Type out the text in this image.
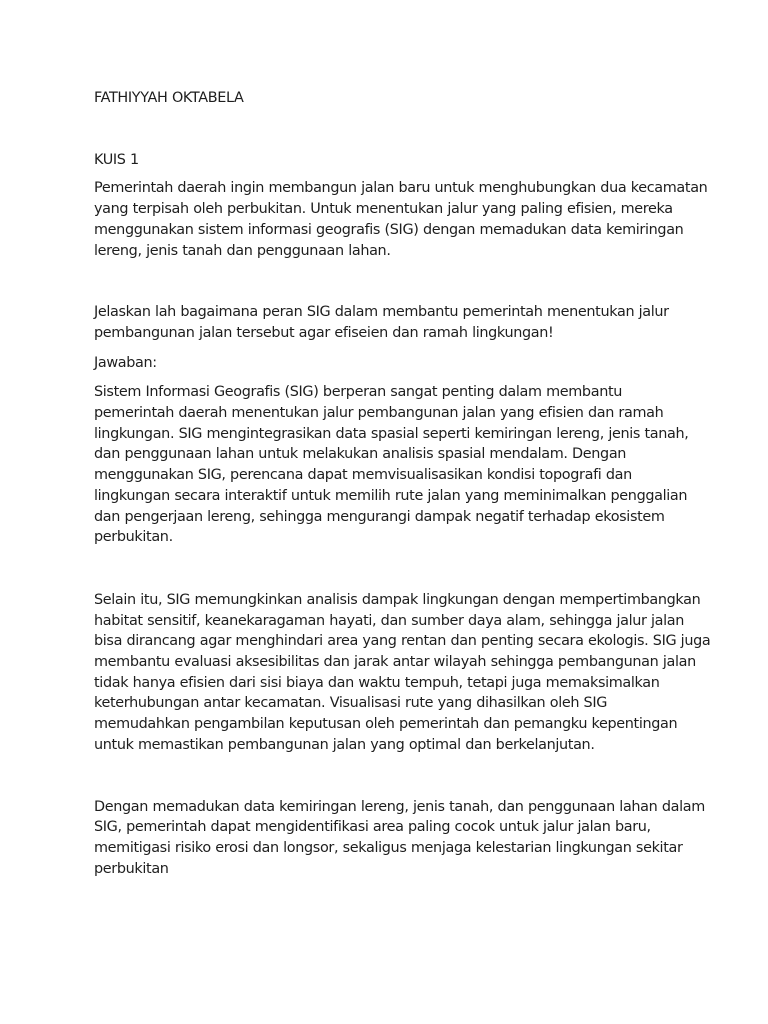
FATHIYYAH OKTABELA

KUIS 1

Pemerintah daerah ingin membangun jalan baru untuk menghubungkan dua kecamatan
yang terpisah oleh perbukitan. Untuk menentukan jalur yang paling efisien, mereka
menggunakan sistem informasi geografis (SIG) dengan memadukan data kemiringan
lereng, jenis tanah dan penggunaan lahan.

Jelaskan lah bagaimana peran SIG dalam membantu pemerintah menentukan jalur
pembangunan jalan tersebut agar efiseien dan ramah lingkungan!

Jawaban:

Sistem Informasi Geografis (SIG) berperan sangat penting dalam membantu
pemerintah daerah menentukan jalur pembangunan jalan yang efisien dan ramah
lingkungan. SIG mengintegrasikan data spasial seperti kemiringan lereng, jenis tanah,
dan penggunaan lahan untuk melakukan analisis spasial mendalam. Dengan
menggunakan SIG, perencana dapat memvisualisasikan kondisi topografi dan
lingkungan secara interaktif untuk memilih rute jalan yang meminimalkan penggalian
dan pengerjaan lereng, sehingga mengurangi dampak negatif terhadap ekosistem
perbukitan.

Selain itu, SIG memungkinkan analisis dampak lingkungan dengan mempertimbangkan
habitat sensitif, keanekaragaman hayati, dan sumber daya alam, sehingga jalur jalan
bisa dirancang agar menghindari area yang rentan dan penting secara ekologis. SIG juga
membantu evaluasi aksesibilitas dan jarak antar wilayah sehingga pembangunan jalan
tidak hanya efisien dari sisi biaya dan waktu tempuh, tetapi juga memaksimalkan
keterhubungan antar kecamatan. Visualisasi rute yang dihasilkan oleh SIG
memudahkan pengambilan keputusan oleh pemerintah dan pemangku kepentingan
untuk memastikan pembangunan jalan yang optimal dan berkelanjutan.

Dengan memadukan data kemiringan lereng, jenis tanah, dan penggunaan lahan dalam
SIG, pemerintah dapat mengidentifikasi area paling cocok untuk jalur jalan baru,
memitigasi risiko erosi dan longsor, sekaligus menjaga kelestarian lingkungan sekitar
perbukitan
